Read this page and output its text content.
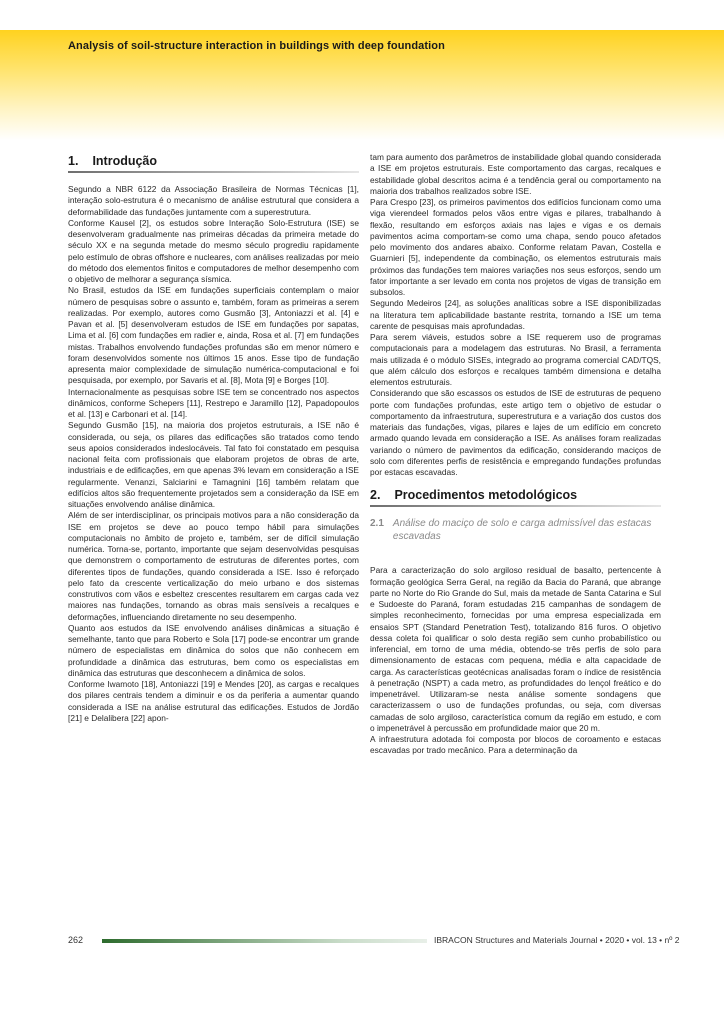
Analysis of soil-structure interaction in buildings with deep foundation
1. Introdução

Segundo a NBR 6122 da Associação Brasileira de Normas Técnicas [1], interação solo-estrutura é o mecanismo de análise estrutural que considera a deformabilidade das fundações juntamente com a superestrutura.

Conforme Kausel [2], os estudos sobre Interação Solo-Estrutura (ISE) se desenvolveram gradualmente nas primeiras décadas da primeira metade do século XX e na segunda metade do mesmo século progrediu rapidamente pelo estímulo de obras offshore e nucleares, com análises realizadas por meio do método dos elementos finitos e computadores de melhor desempenho com o objetivo de melhorar a segurança sísmica.

No Brasil, estudos da ISE em fundações superficiais contemplam o maior número de pesquisas sobre o assunto e, também, foram as primeiras a serem realizadas. Por exemplo, autores como Gusmão [3], Antoniazzi et al. [4] e Pavan et al. [5] desenvolveram estudos de ISE em fundações por sapatas, Lima et al. [6] com fundações em radier e, ainda, Rosa et al. [7] em fundações mistas. Trabalhos envolvendo fundações profundas são em menor número e foram desenvolvidos somente nos últimos 15 anos. Esse tipo de fundação apresenta maior complexidade de simulação numérica-computacional e foi pesquisada, por exemplo, por Savaris et al. [8], Mota [9] e Borges [10].

Internacionalmente as pesquisas sobre ISE tem se concentrado nos aspectos dinâmicos, conforme Schepers [11], Restrepo e Jaramillo [12], Papadopoulos et al. [13] e Carbonari et al. [14].

Segundo Gusmão [15], na maioria dos projetos estruturais, a ISE não é considerada, ou seja, os pilares das edificações são tratados como tendo seus apoios considerados indeslocáveis. Tal fato foi constatado em pesquisa nacional feita com profissionais que elaboram projetos de obras de arte, industriais e de edificações, em que apenas 3% levam em consideração a ISE regularmente. Venanzi, Salciarini e Tamagnini [16] também relatam que edifícios altos são frequentemente projetados sem a consideração da ISE em situações envolvendo análise dinâmica.

Além de ser interdisciplinar, os principais motivos para a não consideração da ISE em projetos se deve ao pouco tempo hábil para simulações computacionais no âmbito de projeto e, também, ser de difícil simulação numérica. Torna-se, portanto, importante que sejam desenvolvidas pesquisas que demonstrem o comportamento de estruturas de diferentes portes, com diferentes tipos de fundações, quando considerada a ISE. Isso é reforçado pelo fato da crescente verticalização do meio urbano e dos sistemas construtivos com vãos e esbeltez crescentes resultarem em cargas cada vez maiores nas fundações, tornando as obras mais sensíveis a recalques e deformações, influenciando diretamente no seu desempenho.

Quanto aos estudos da ISE envolvendo análises dinâmicas a situação é semelhante, tanto que para Roberto e Sola [17] pode-se encontrar um grande número de especialistas em dinâmica do solos que não conhecem em profundidade a dinâmica das estruturas, bem como os especialistas em dinâmica das estruturas que desconhecem a dinâmica de solos.

Conforme Iwamoto [18], Antoniazzi [19] e Mendes [20], as cargas e recalques dos pilares centrais tendem a diminuir e os da periferia a aumentar quando considerada a ISE na análise estrutural das edificações. Estudos de Jordão [21] e Delalibera [22] apon-

tam para aumento dos parâmetros de instabilidade global quando considerada a ISE em projetos estruturais. Este comportamento das cargas, recalques e estabilidade global descritos acima é a tendência geral ou comportamento na maioria dos trabalhos realizados sobre ISE.

Para Crespo [23], os primeiros pavimentos dos edifícios funcionam como uma viga vierendeel formados pelos vãos entre vigas e pilares, trabalhando à flexão, resultando em esforços axiais nas lajes e vigas e os demais pavimentos acima comportam-se como uma chapa, sendo pouco afetados pelo movimento dos andares abaixo. Conforme relatam Pavan, Costella e Guarnieri [5], independente da combinação, os elementos estruturais mais próximos das fundações tem maiores variações nos seus esforços, sendo um fator importante a ser levado em conta nos projetos de vigas de transição em subsolos.

Segundo Medeiros [24], as soluções analíticas sobre a ISE disponibilizadas na literatura tem aplicabilidade bastante restrita, tornando a ISE um tema carente de pesquisas mais aprofundadas.

Para serem viáveis, estudos sobre a ISE requerem uso de programas computacionais para a modelagem das estruturas. No Brasil, a ferramenta mais utilizada é o módulo SISEs, integrado ao programa comercial CAD/TQS, que além cálculo dos esforços e recalques também dimensiona e detalha elementos estruturais.

Considerando que são escassos os estudos de ISE de estruturas de pequeno porte com fundações profundas, este artigo tem o objetivo de estudar o comportamento da infraestrutura, superestrutura e a variação dos custos dos materiais das fundações, vigas, pilares e lajes de um edifício em concreto armado quando levada em consideração a ISE. As análises foram realizadas variando o número de pavimentos da edificação, considerando maciços de solo com diferentes perfis de resistência e empregando fundações profundas por estacas escavadas.

2. Procedimentos metodológicos
2.1 Análise do maciço de solo e carga admissível das estacas escavadas

Para a caracterização do solo argiloso residual de basalto, pertencente à formação geológica Serra Geral, na região da Bacia do Paraná, que abrange parte no Norte do Rio Grande do Sul, mais da metade de Santa Catarina e Sul e Sudoeste do Paraná, foram estudadas 215 campanhas de sondagem de simples reconhecimento, fornecidas por uma empresa especializada em ensaios SPT (Standard Penetration Test), totalizando 816 furos. O objetivo dessa coleta foi qualificar o solo desta região sem cunho probabilístico ou inferencial, em torno de uma média, obtendo-se três perfis de solo para dimensionamento de estacas com pequena, média e alta capacidade de carga. As características geotécnicas analisadas foram o índice de resistência à penetração (NSPT) a cada metro, as profundidades do lençol freático e do impenetrável. Utilizaram-se nesta análise somente sondagens que caracterizassem o uso de fundações profundas, ou seja, com diversas camadas de solo argiloso, característica comum da região em estudo, e com o impenetrável à percussão em profundidade maior que 20 m.

A infraestrutura adotada foi composta por blocos de coroamento e estacas escavadas por trado mecânico. Para a determinação da

262	IBRACON Structures and Materials Journal • 2020 • vol. 13 • nº 2
